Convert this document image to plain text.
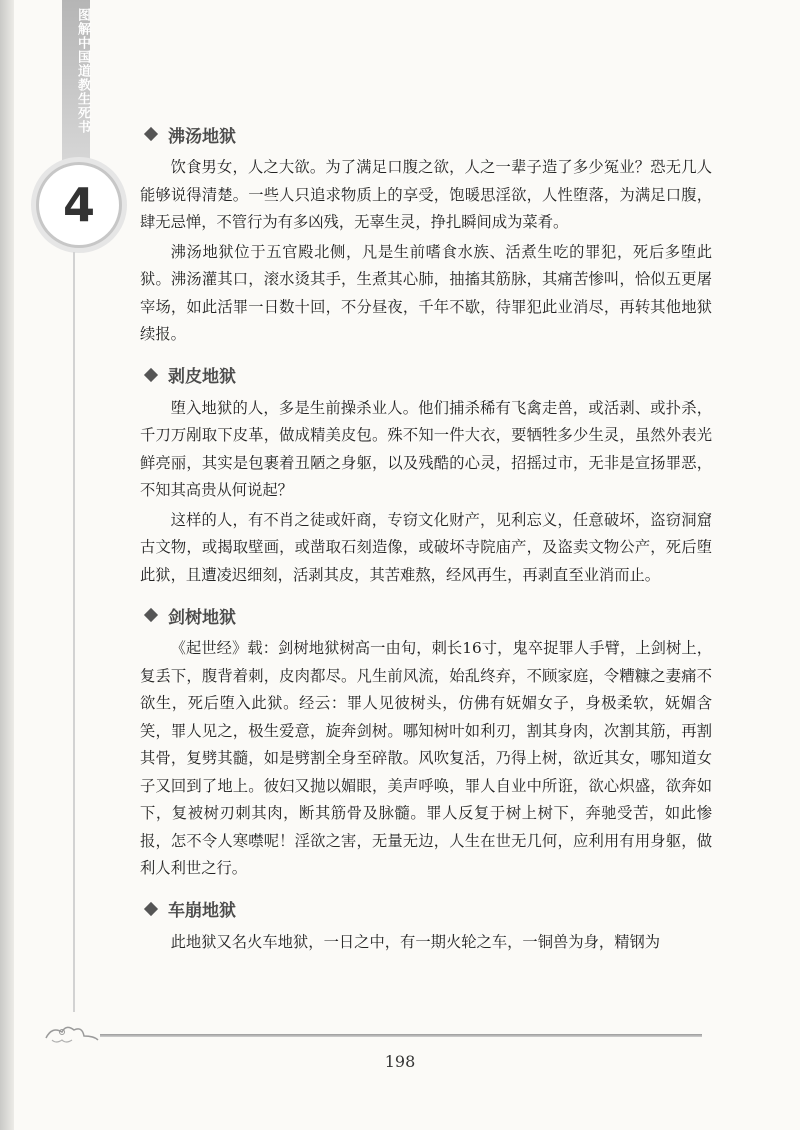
图解中国道教生死书
4
沸汤地狱

饮食男女，人之大欲。为了满足口腹之欲，人之一辈子造了多少冤业？恐无几人能够说得清楚。一些人只追求物质上的享受，饱暖思淫欲，人性堕落，为满足口腹，肆无忌惮，不管行为有多凶残，无辜生灵，挣扎瞬间成为菜肴。

沸汤地狱位于五官殿北侧，凡是生前嗜食水族、活煮生吃的罪犯，死后多堕此狱。沸汤灌其口，滚水烫其手，生煮其心肺，抽搐其筋脉，其痛苦惨叫，恰似五更屠宰场，如此活罪一日数十回，不分昼夜，千年不歇，待罪犯此业消尽，再转其他地狱续报。

剥皮地狱

堕入地狱的人，多是生前操杀业人。他们捕杀稀有飞禽走兽，或活剥、或扑杀，千刀万剐取下皮革，做成精美皮包。殊不知一件大衣，要牺牲多少生灵，虽然外表光鲜亮丽，其实是包裹着丑陋之身躯，以及残酷的心灵，招摇过市，无非是宣扬罪恶，不知其高贵从何说起？

这样的人，有不肖之徒或奸商，专窃文化财产，见利忘义，任意破坏，盗窃洞窟古文物，或揭取壁画，或凿取石刻造像，或破坏寺院庙产，及盗卖文物公产，死后堕此狱，且遭凌迟细刻，活剥其皮，其苦难熬，经风再生，再剥直至业消而止。

剑树地狱

《起世经》载：剑树地狱树高一由旬，刺长16寸，鬼卒捉罪人手臂，上剑树上，复丢下，腹背着刺，皮肉都尽。凡生前风流，始乱终弃，不顾家庭，令糟糠之妻痛不欲生，死后堕入此狱。经云：罪人见彼树头，仿佛有妩媚女子，身极柔软，妩媚含笑，罪人见之，极生爱意，旋奔剑树。哪知树叶如利刃，割其身肉，次割其筋，再割其骨，复劈其髓，如是劈割全身至碎散。风吹复活，乃得上树，欲近其女，哪知道女子又回到了地上。彼妇又抛以媚眼，美声呼唤，罪人自业中所诳，欲心炽盛，欲奔如下，复被树刃刺其肉，断其筋骨及脉髓。罪人反复于树上树下，奔驰受苦，如此惨报，怎不令人寒噤呢！淫欲之害，无量无边，人生在世无几何，应利用有用身躯，做利人利世之行。

车崩地狱

此地狱又名火车地狱，一日之中，有一期火轮之车，一铜兽为身，精钢为

198
